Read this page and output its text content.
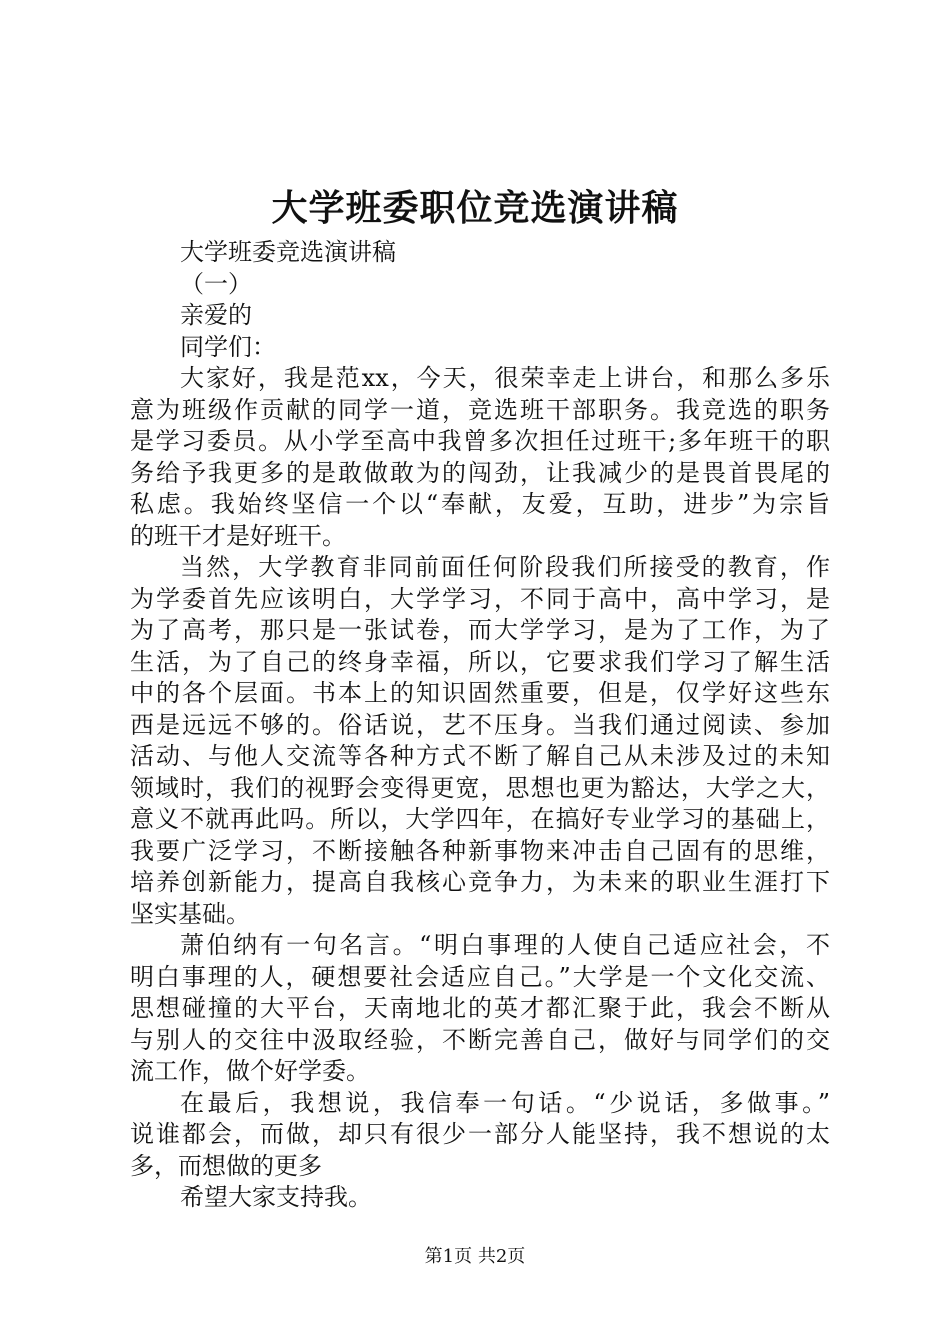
大学班委职位竞选演讲稿
大学班委竞选演讲稿
（一）
亲爱的
同学们：
大家好，我是范xx，今天，很荣幸走上讲台，和那么多乐
意为班级作贡献的同学一道，竞选班干部职务。我竞选的职务
是学习委员。从小学至高中我曾多次担任过班干;多年班干的职
务给予我更多的是敢做敢为的闯劲，让我减少的是畏首畏尾的
私虑。我始终坚信一个以“奉献，友爱，互助，进步”为宗旨
的班干才是好班干。
当然，大学教育非同前面任何阶段我们所接受的教育，作
为学委首先应该明白，大学学习，不同于高中，高中学习，是
为了高考，那只是一张试卷，而大学学习，是为了工作，为了
生活，为了自己的终身幸福，所以，它要求我们学习了解生活
中的各个层面。书本上的知识固然重要，但是，仅学好这些东
西是远远不够的。俗话说，艺不压身。当我们通过阅读、参加
活动、与他人交流等各种方式不断了解自己从未涉及过的未知
领域时，我们的视野会变得更宽，思想也更为豁达，大学之大，
意义不就再此吗。所以，大学四年，在搞好专业学习的基础上，
我要广泛学习，不断接触各种新事物来冲击自己固有的思维，
培养创新能力，提高自我核心竞争力，为未来的职业生涯打下
坚实基础。
萧伯纳有一句名言。“明白事理的人使自己适应社会，不
明白事理的人，硬想要社会适应自己。”大学是一个文化交流、
思想碰撞的大平台，天南地北的英才都汇聚于此，我会不断从
与别人的交往中汲取经验，不断完善自己，做好与同学们的交
流工作，做个好学委。
在最后，我想说，我信奉一句话。“少说话，多做事。”
说谁都会，而做，却只有很少一部分人能坚持，我不想说的太
多，而想做的更多
希望大家支持我。
第1页 共2页
